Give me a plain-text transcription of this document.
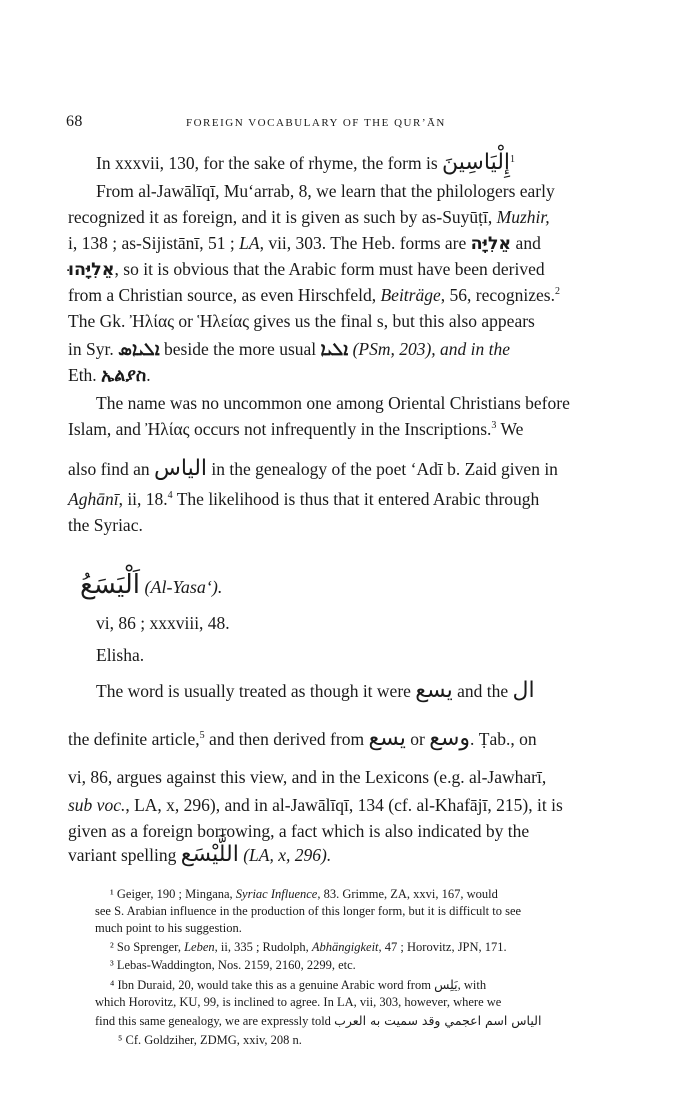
68	FOREIGN VOCABULARY OF THE QUR’ĀN
In xxxvii, 130, for the sake of rhyme, the form is إِلْيَاسِينَ$^1$
From al-Jawālīqī, Mu‘arrab, 8, we learn that the philologers early
recognized it as foreign, and it is given as such by as-Suyūṭī, Muzhir,
i, 138 ; as-Sijistānī, 51 ; LA, vii, 303. The Heb. forms are אֵלִיָּה and
אֵלִיָּהוּ, so it is obvious that the Arabic form must have been derived
from a Christian source, as even Hirschfeld, Beiträge, 56, recognizes.$^2$
The Gk. Ἠλίας or Ἡλείας gives us the final s, but this also appears
in Syr. ܐܠܝܐܣ beside the more usual ܐܠܝܐ (PSm, 203), and in the
Eth. ኤልያስ.
The name was no uncommon one among Oriental Christians before
Islam, and Ἠλίας occurs not infrequently in the Inscriptions.$^3$ We
also find an الياس in the genealogy of the poet ‘Adī b. Zaid given in
Aghānī, ii, 18.$^4$ The likelihood is thus that it entered Arabic through
the Syriac.
اَلْيَسَعُ (Al-Yasa‘).
vi, 86 ; xxxviii, 48.
Elisha.
The word is usually treated as though it were يسع and the ال
the definite article,$^5$ and then derived from يسع or وسع. Ṭab., on
vi, 86, argues against this view, and in the Lexicons (e.g. al-Jawharī,
sub voc., LA, x, 296), and in al-Jawālīqī, 134 (cf. al-Khafājī, 215), it is
given as a foreign borrowing, a fact which is also indicated by the
variant spelling اللَّيْسَع (LA, x, 296).
¹ Geiger, 190 ; Mingana, Syriac Influence, 83. Grimme, ZA, xxvi, 167, would
see S. Arabian influence in the production of this longer form, but it is difficult to see
much point to his suggestion.
² So Sprenger, Leben, ii, 335 ; Rudolph, Abhängigkeit, 47 ; Horovitz, JPN, 171.
³ Lebas-Waddington, Nos. 2159, 2160, 2299, etc.
⁴ Ibn Duraid, 20, would take this as a genuine Arabic word from يَلِس, with
which Horovitz, KU, 99, is inclined to agree. In LA, vii, 303, however, where we
find this same genealogy, we are expressly told الياس اسم اعجمي وقد سميت به العرب
⁵ Cf. Goldziher, ZDMG, xxiv, 208 n.
